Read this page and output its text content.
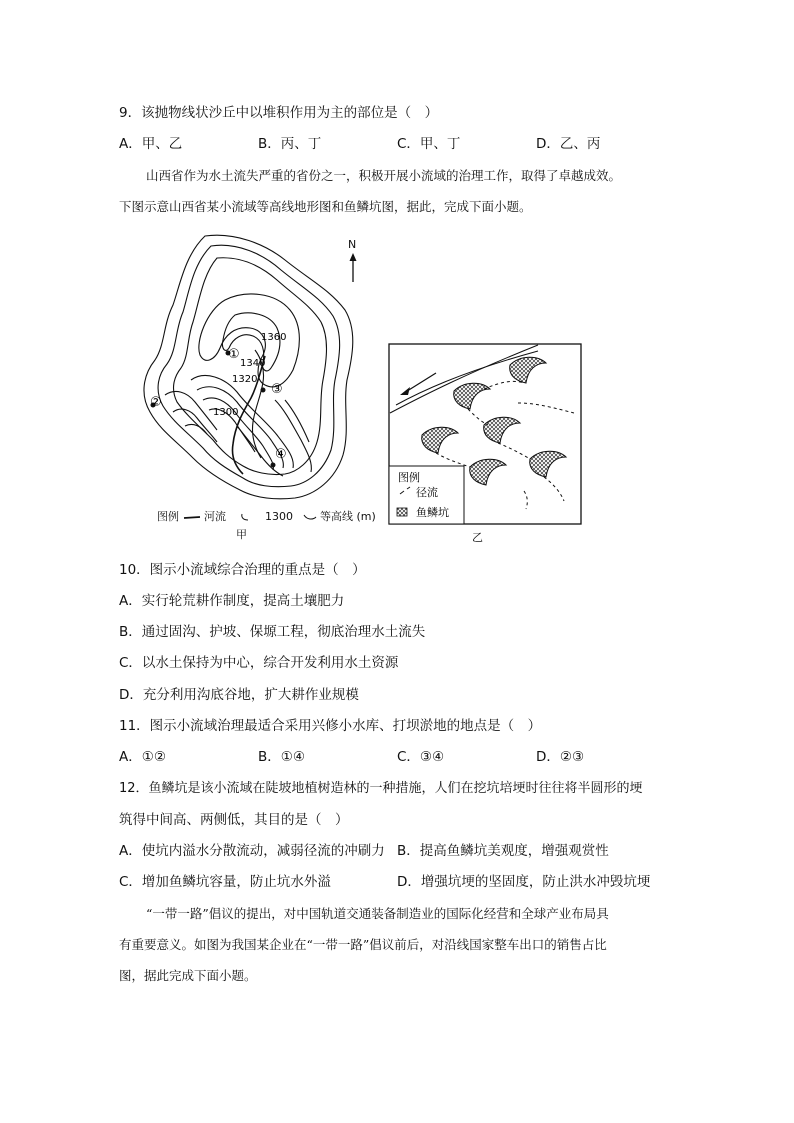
9．该抛物线状沙丘中以堆积作用为主的部位是（　）
A．甲、乙	B．丙、丁	C．甲、丁	D．乙、丙
山西省作为水土流失严重的省份之一，积极开展小流域的治理工作，取得了卓越成效。
下图示意山西省某小流域等高线地形图和鱼鳞坑图，据此，完成下面小题。
1360
1340
1320
1300
①
②
③
④
N
图例 河流	1300 等高线 (m)
甲
图例
径流
鱼鳞坑
乙
10．图示小流域综合治理的重点是（　）
A．实行轮荒耕作制度，提高土壤肥力
B．通过固沟、护坡、保塬工程，彻底治理水土流失
C．以水土保持为中心，综合开发利用水土资源
D．充分利用沟底谷地，扩大耕作业规模
11．图示小流域治理最适合采用兴修小水库、打坝淤地的地点是（　）
A．①②	B．①④	C．③④	D．②③
12．鱼鳞坑是该小流域在陡坡地植树造林的一种措施，人们在挖坑培埂时往往将半圆形的埂
筑得中间高、两侧低，其目的是（　）
A．使坑内溢水分散流动，减弱径流的冲刷力 B．提高鱼鳞坑美观度，增强观赏性
C．增加鱼鳞坑容量，防止坑水外溢	D．增强坑埂的坚固度，防止洪水冲毁坑埂
“一带一路”倡议的提出，对中国轨道交通装备制造业的国际化经营和全球产业布局具
有重要意义。如图为我国某企业在“一带一路”倡议前后，对沿线国家整车出口的销售占比
图，据此完成下面小题。
